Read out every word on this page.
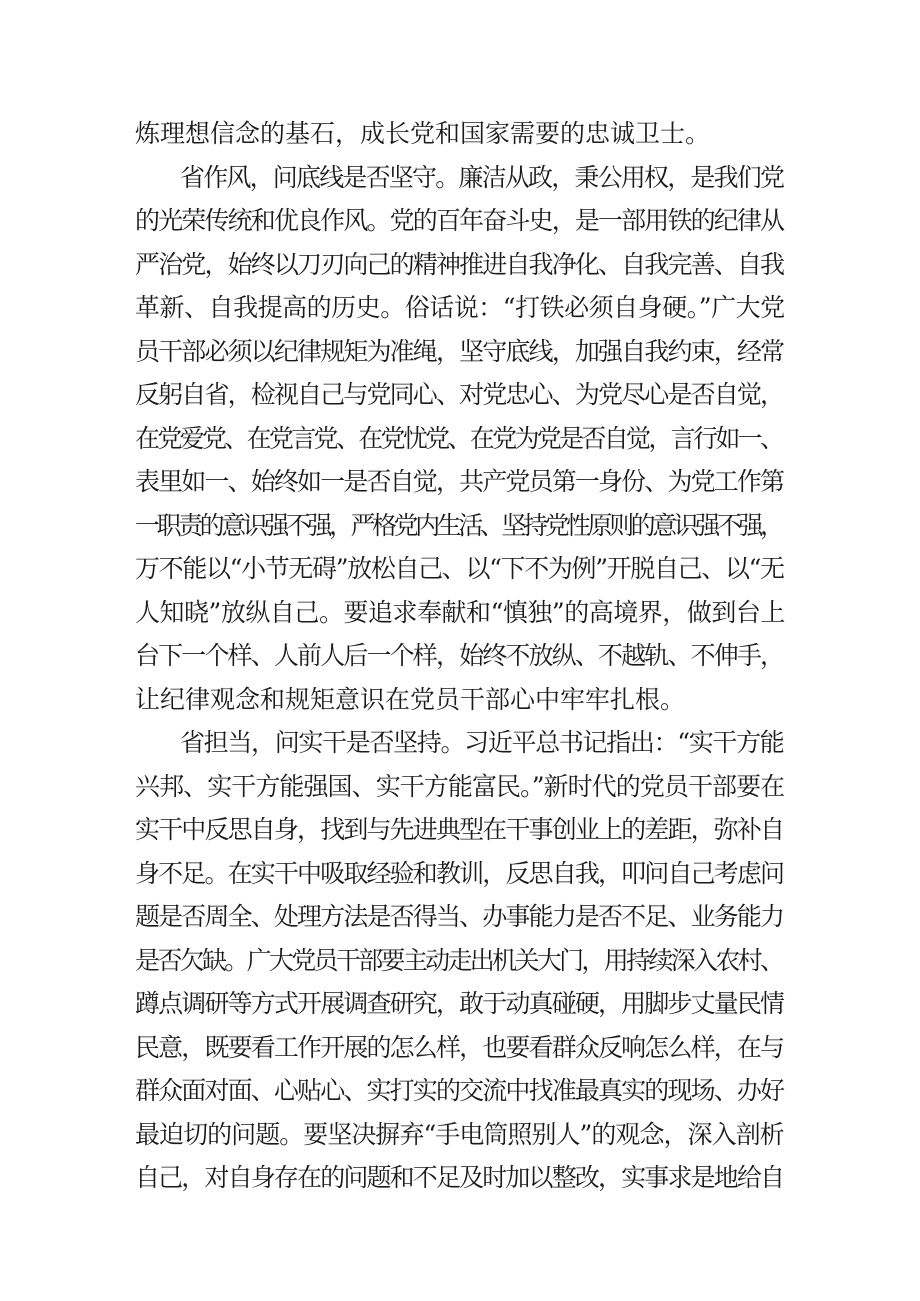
炼理想信念的基石，成长党和国家需要的忠诚卫士。
省作风，问底线是否坚守。廉洁从政，秉公用权，是我们党
的光荣传统和优良作风。党的百年奋斗史，是一部用铁的纪律从
严治党，始终以刀刃向己的精神推进自我净化、自我完善、自我
革新、自我提高的历史。俗话说：“打铁必须自身硬。”广大党
员干部必须以纪律规矩为准绳，坚守底线，加强自我约束，经常
反躬自省，检视自己与党同心、对党忠心、为党尽心是否自觉，
在党爱党、在党言党、在党忧党、在党为党是否自觉，言行如一、
表里如一、始终如一是否自觉，共产党员第一身份、为党工作第
一职责的意识强不强，严格党内生活、坚持党性原则的意识强不强，
万不能以“小节无碍”放松自己、以“下不为例”开脱自己、以“无
人知晓”放纵自己。要追求奉献和“慎独”的高境界，做到台上
台下一个样、人前人后一个样，始终不放纵、不越轨、不伸手，
让纪律观念和规矩意识在党员干部心中牢牢扎根。
省担当，问实干是否坚持。习近平总书记指出：“实干方能
兴邦、实干方能强国、实干方能富民。”新时代的党员干部要在
实干中反思自身，找到与先进典型在干事创业上的差距，弥补自
身不足。在实干中吸取经验和教训，反思自我，叩问自己考虑问
题是否周全、处理方法是否得当、办事能力是否不足、业务能力
是否欠缺。广大党员干部要主动走出机关大门，用持续深入农村、
蹲点调研等方式开展调查研究，敢于动真碰硬，用脚步丈量民情
民意，既要看工作开展的怎么样，也要看群众反响怎么样，在与
群众面对面、心贴心、实打实的交流中找准最真实的现场、办好
最迫切的问题。要坚决摒弃“手电筒照别人”的观念，深入剖析
自己，对自身存在的问题和不足及时加以整改，实事求是地给自
